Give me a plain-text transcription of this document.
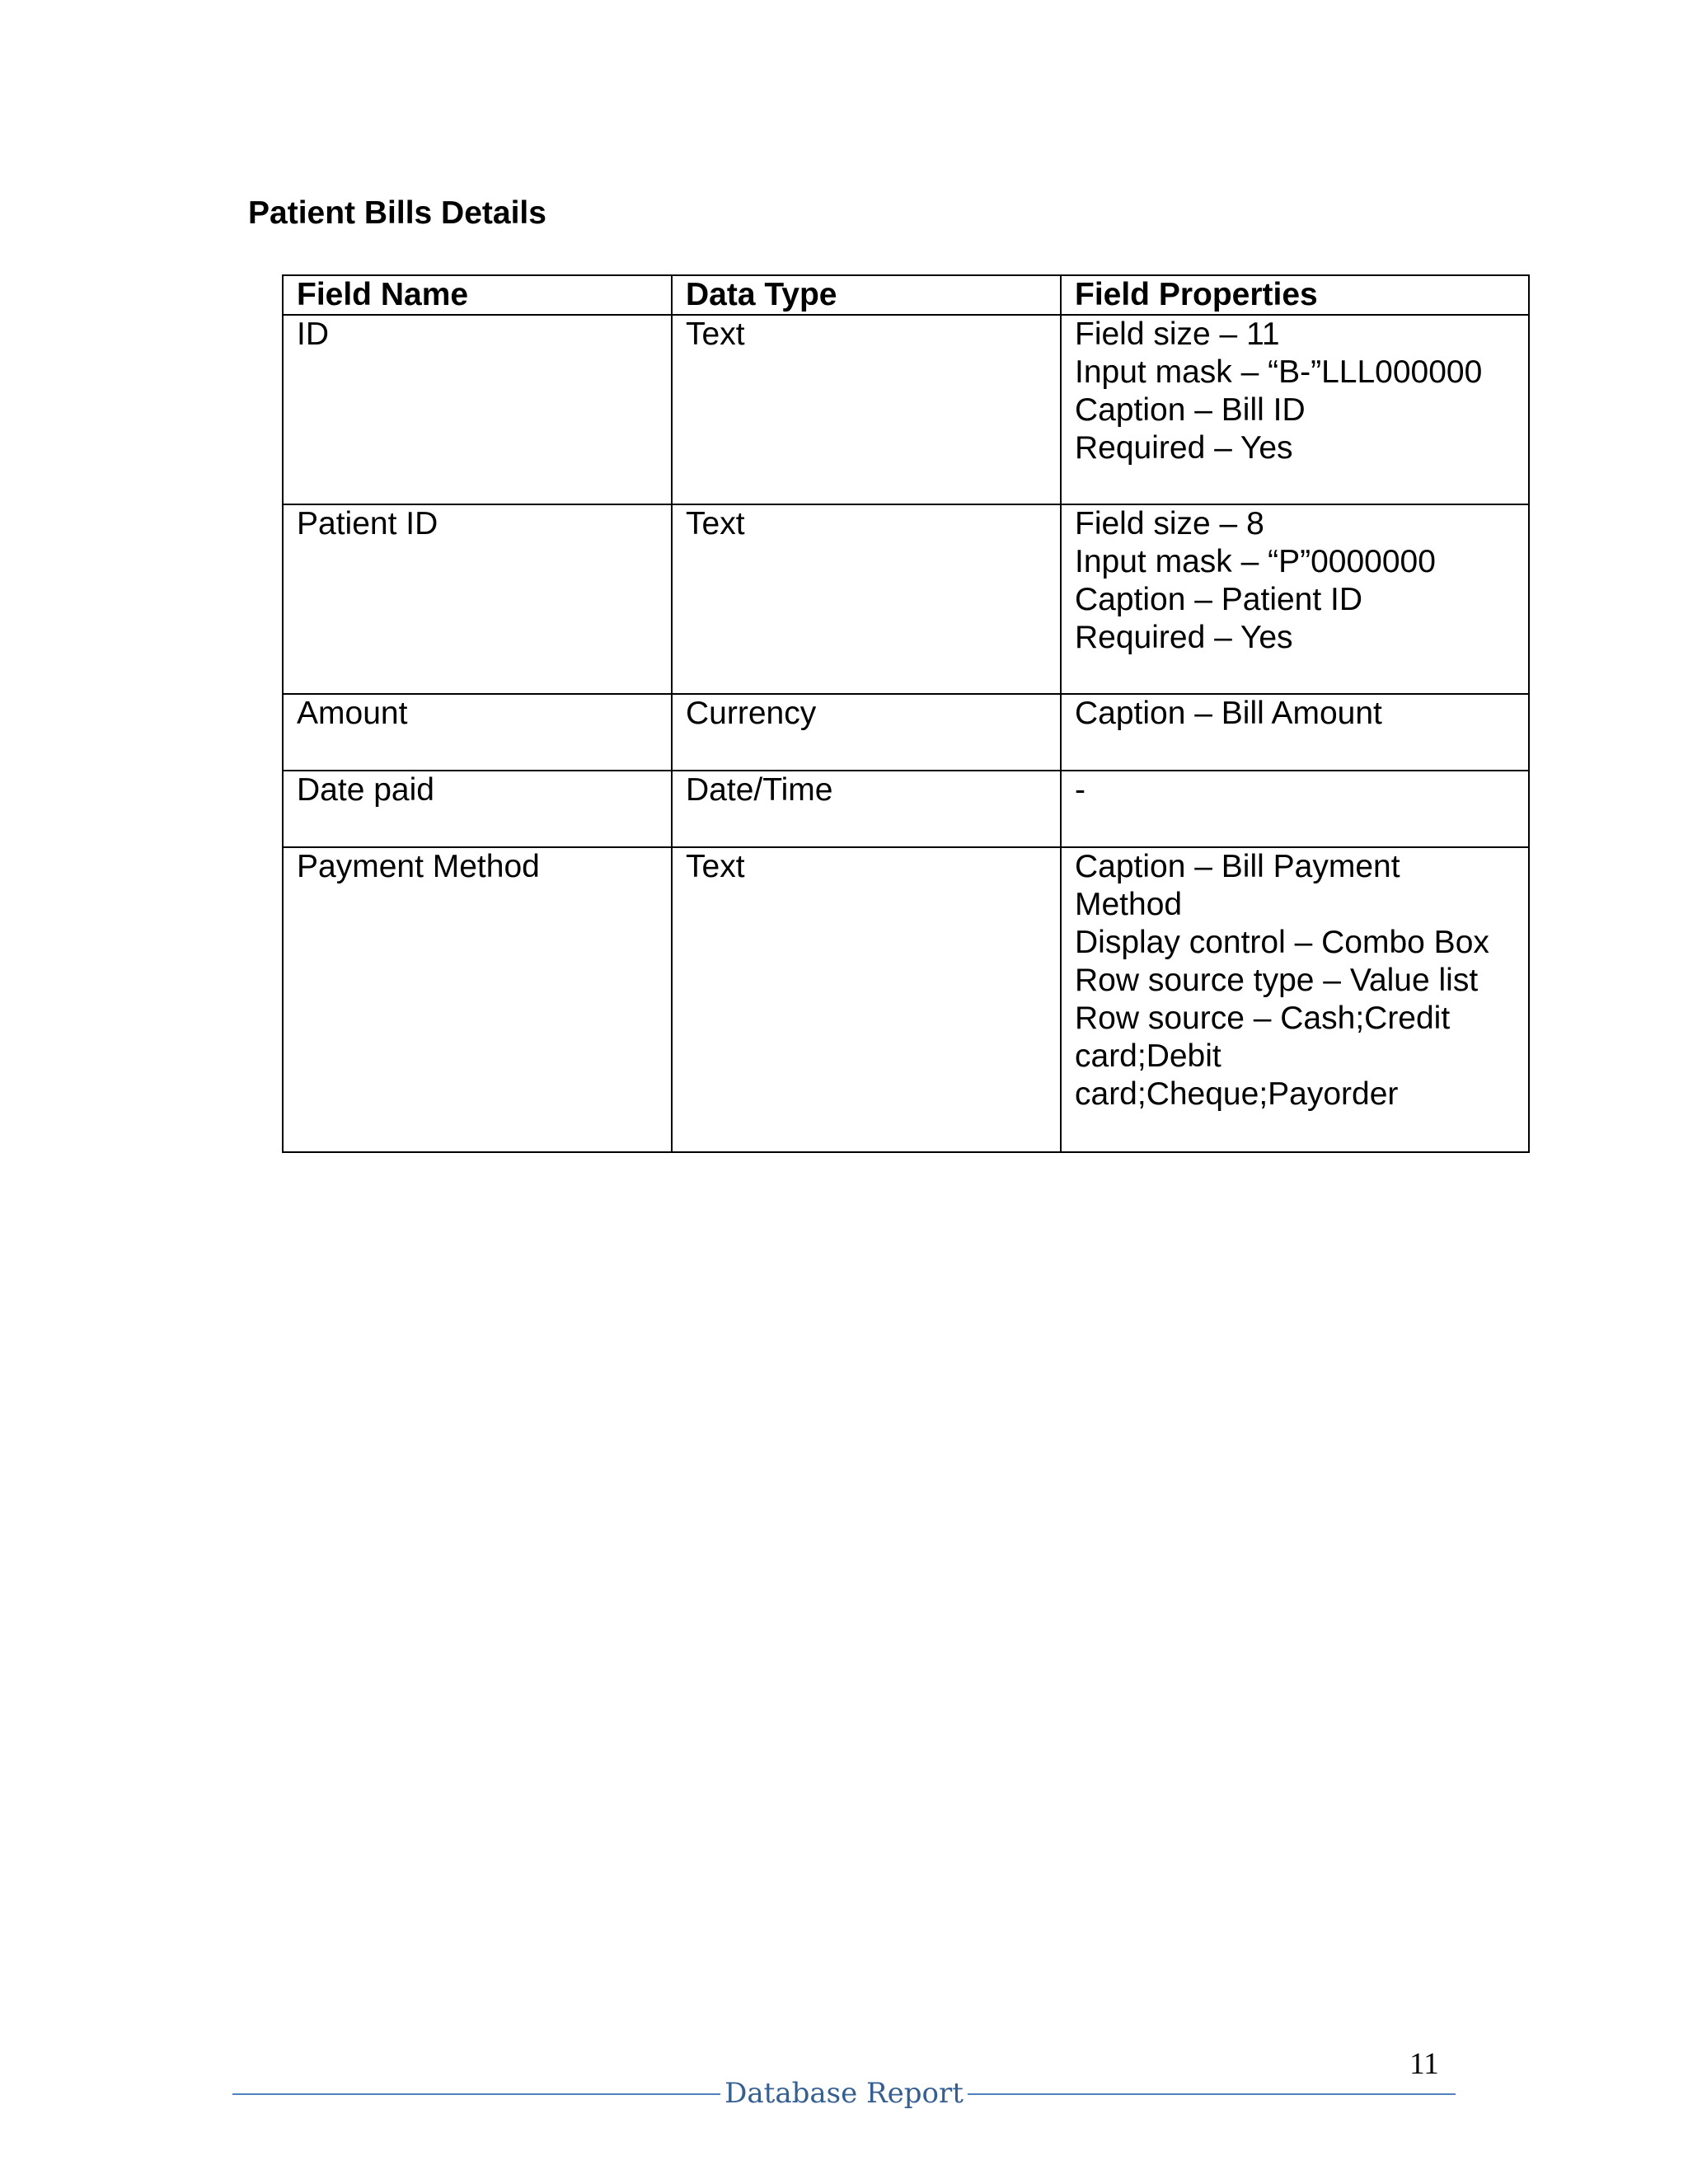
Patient Bills Details
Field Name	Data Type	Field Properties
ID	Text	Field size – 11
Input mask – “B-”LLL000000
Caption – Bill ID
Required – Yes

Patient ID	Text	Field size – 8
Input mask – “P”0000000
Caption – Patient ID
Required – Yes

Amount	Currency	Caption – Bill Amount

Date paid	Date/Time	-

Payment Method	Text	Caption – Bill Payment Method
Display control – Combo Box
Row source type – Value list
Row source – Cash;Credit card;Debit card;Cheque;Payorder
Database Report
11
